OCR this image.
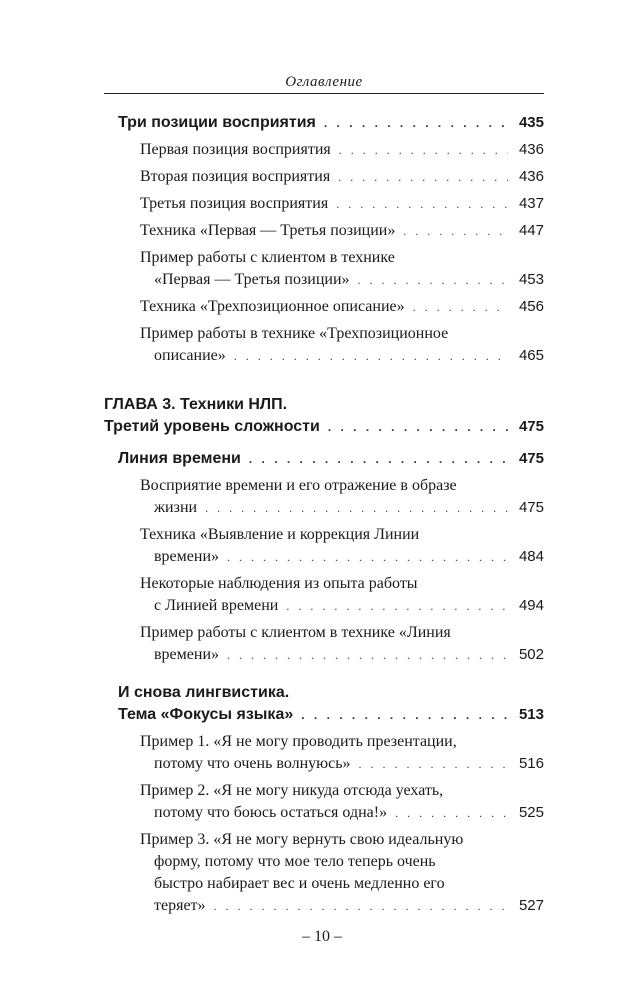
Оглавление
Три позиции восприятия . . .	435
Первая позиция восприятия . . .	436
Вторая позиция восприятия . . .	436
Третья позиция восприятия . . .	437
Техника «Первая — Третья позиции» . . .	447
Пример работы с клиентом в технике
«Первая — Третья позиции» . . .	453
Техника «Трехпозиционное описание» . . .	456
Пример работы в технике «Трехпозиционное
описание» . . .	465
ГЛАВА 3. Техники НЛП.
Третий уровень сложности . . .	475
Линия времени . . .	475
Восприятие времени и его отражение в образе
жизни . . .	475
Техника «Выявление и коррекция Линии
времени» . . .	484
Некоторые наблюдения из опыта работы
с Линией времени . . .	494
Пример работы с клиентом в технике «Линия
времени» . . .	502
И снова лингвистика.
Тема «Фокусы языка» . . .	513
Пример 1. «Я не могу проводить презентации,
потому что очень волнуюсь» . . .	516
Пример 2. «Я не могу никуда отсюда уехать,
потому что боюсь остаться одна!» . . .	525
Пример 3. «Я не могу вернуть свою идеальную
форму, потому что мое тело теперь очень
быстро набирает вес и очень медленно его
теряет» . . .	527
– 10 –
